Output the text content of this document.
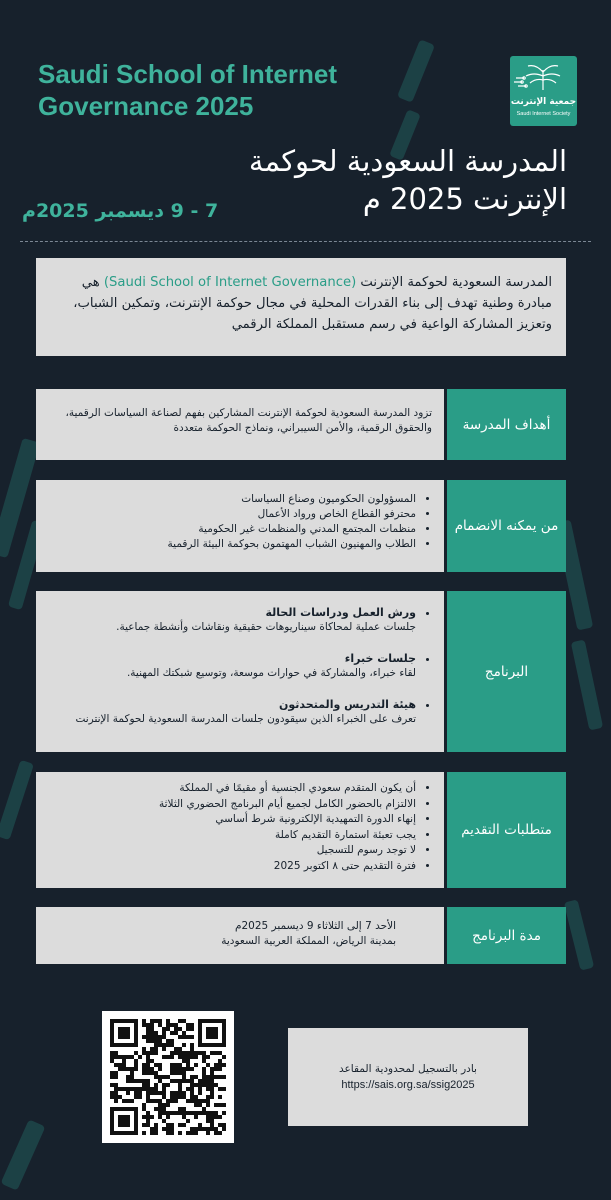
Saudi School of Internet Governance 2025	جمعية الإنترنت
Saudi Internet Society
المدرسة السعودية لحوكمة الإنترنت 2025 م
7 - 9 ديسمبر 2025م
المدرسة السعودية لحوكمة الإنترنت (Saudi School of Internet Governance) هي مبادرة وطنية تهدف إلى بناء القدرات المحلية في مجال حوكمة الإنترنت، وتمكين الشباب، وتعزيز المشاركة الواعية في رسم مستقبل المملكة الرقمي
أهداف المدرسة
تزود المدرسة السعودية لحوكمة الإنترنت المشاركين بفهم لصناعة السياسات الرقمية، والحقوق الرقمية، والأمن السيبراني، ونماذج الحوكمة متعددة
من يمكنه الانضمام
• المسؤولون الحكوميون وصناع السياسات
• محترفو القطاع الخاص ورواد الأعمال
• منظمات المجتمع المدني والمنظمات غير الحكومية
• الطلاب والمهنيون الشباب المهتمون بحوكمة البيئة الرقمية
البرنامج
ورش العمل ودراسات الحالة
جلسات عملية لمحاكاة سيناريوهات حقيقية ونقاشات وأنشطة جماعية.
جلسات خبراء
لقاء خبراء، والمشاركة في حوارات موسعة، وتوسيع شبكتك المهنية.
هيئة التدريس والمتحدثون
تعرف على الخبراء الذين سيقودون جلسات المدرسة السعودية لحوكمة الإنترنت
متطلبات التقديم
• أن يكون المتقدم سعودي الجنسية أو مقيمًا في المملكة
• الالتزام بالحضور الكامل لجميع أيام البرنامج الحضوري الثلاثة
• إنهاء الدورة التمهيدية الإلكترونية شرط أساسي
• يجب تعبئة استمارة التقديم كاملة
• لا توجد رسوم للتسجيل
• فترة التقديم حتى ٨ اكتوبر 2025
مدة البرنامج
الأحد 7 إلى الثلاثاء 9 ديسمبر 2025م
بمدينة الرياض، المملكة العربية السعودية
بادر بالتسجيل لمحدودية المقاعد
https://sais.org.sa/ssig2025
